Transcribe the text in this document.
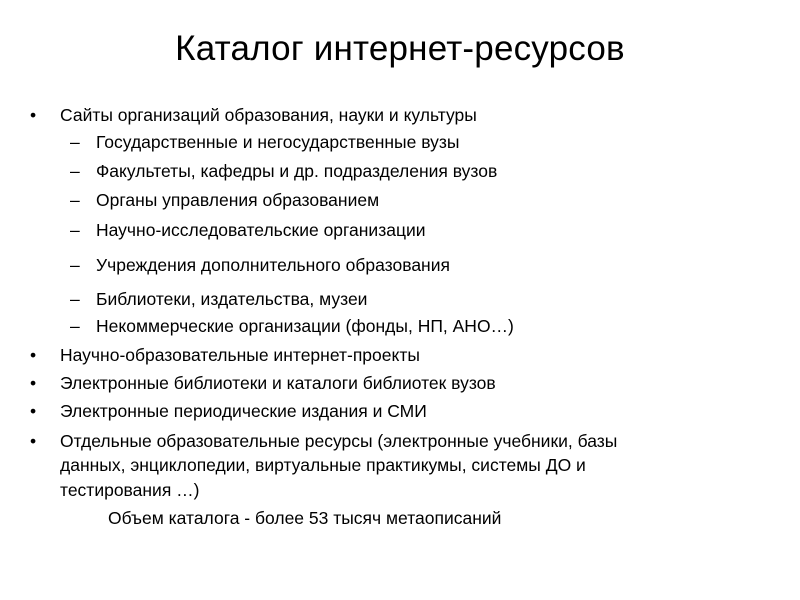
Каталог интернет-ресурсов
• Сайты организаций образования, науки и культуры
– Государственные и негосударственные вузы
– Факультеты, кафедры и др. подразделения вузов
– Органы управления образованием
– Научно-исследовательские организации
– Учреждения дополнительного образования
– Библиотеки, издательства, музеи
– Некоммерческие организации (фонды, НП, АНО…)
• Научно-образовательные интернет-проекты
• Электронные библиотеки и каталоги библиотек вузов
• Электронные периодические издания и СМИ
• Отдельные образовательные ресурсы (электронные учебники, базы
данных, энциклопедии, виртуальные практикумы, системы ДО и
тестирования …)
Объем каталога - более 53 тысяч метаописаний
